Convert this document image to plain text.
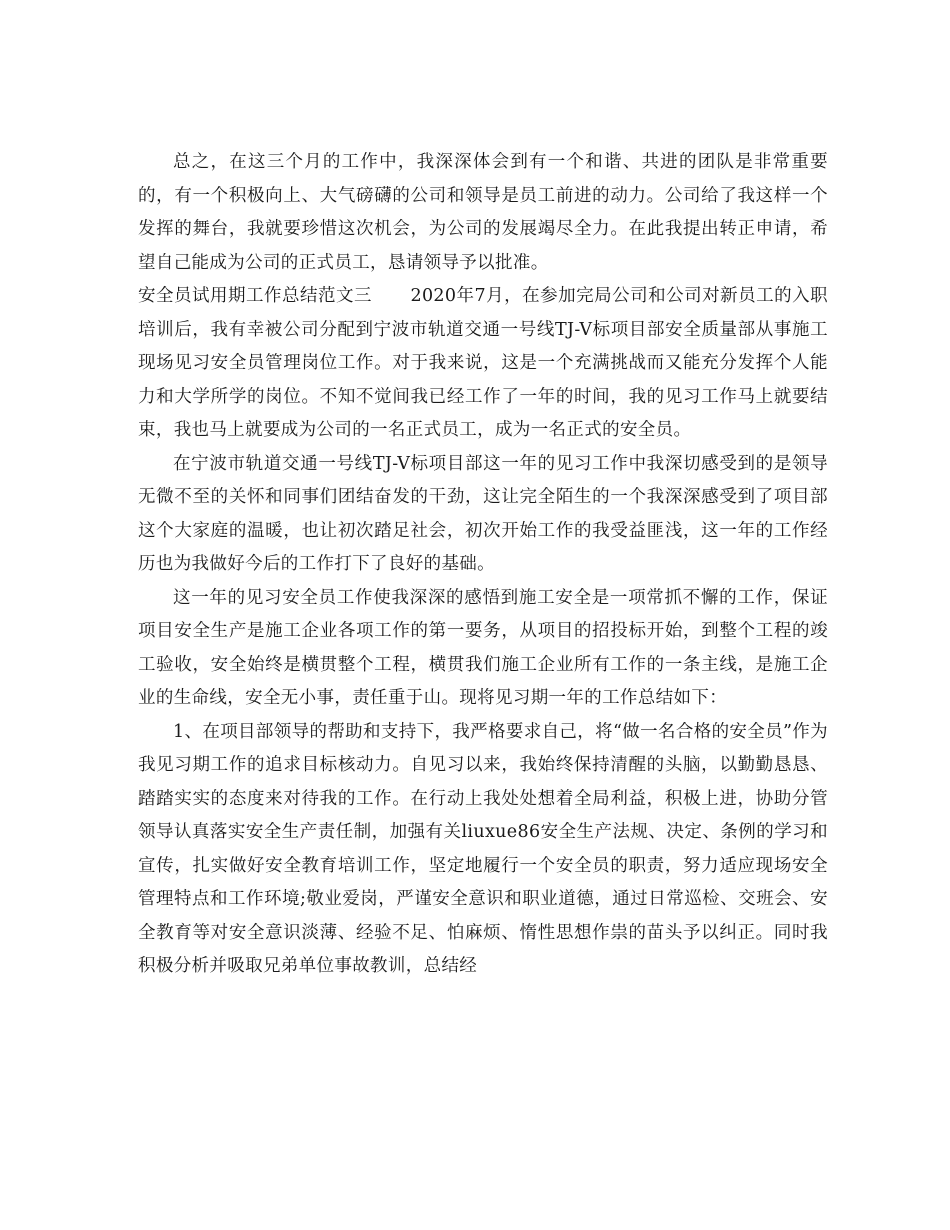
总之，在这三个月的工作中，我深深体会到有一个和谐、共进的团队是非常重要的，有一个积极向上、大气磅礴的公司和领导是员工前进的动力。公司给了我这样一个发挥的舞台，我就要珍惜这次机会，为公司的发展竭尽全力。在此我提出转正申请，希望自己能成为公司的正式员工，恳请领导予以批准。

安全员试用期工作总结范文三 2020年7月，在参加完局公司和公司对新员工的入职培训后，我有幸被公司分配到宁波市轨道交通一号线TJ-V标项目部安全质量部从事施工现场见习安全员管理岗位工作。对于我来说，这是一个充满挑战而又能充分发挥个人能力和大学所学的岗位。不知不觉间我已经工作了一年的时间，我的见习工作马上就要结束，我也马上就要成为公司的一名正式员工，成为一名正式的安全员。

在宁波市轨道交通一号线TJ-V标项目部这一年的见习工作中我深切感受到的是领导无微不至的关怀和同事们团结奋发的干劲，这让完全陌生的一个我深深感受到了项目部这个大家庭的温暖，也让初次踏足社会，初次开始工作的我受益匪浅，这一年的工作经历也为我做好今后的工作打下了良好的基础。

这一年的见习安全员工作使我深深的感悟到施工安全是一项常抓不懈的工作，保证项目安全生产是施工企业各项工作的第一要务，从项目的招投标开始，到整个工程的竣工验收，安全始终是横贯整个工程，横贯我们施工企业所有工作的一条主线，是施工企业的生命线，安全无小事，责任重于山。现将见习期一年的工作总结如下：

1、在项目部领导的帮助和支持下，我严格要求自己，将“做一名合格的安全员”作为我见习期工作的追求目标核动力。自见习以来，我始终保持清醒的头脑，以勤勤恳恳、踏踏实实的态度来对待我的工作。在行动上我处处想着全局利益，积极上进，协助分管领导认真落实安全生产责任制，加强有关liuxue86安全生产法规、决定、条例的学习和宣传，扎实做好安全教育培训工作，坚定地履行一个安全员的职责，努力适应现场安全管理特点和工作环境;敬业爱岗，严谨安全意识和职业道德，通过日常巡检、交班会、安全教育等对安全意识淡薄、经验不足、怕麻烦、惰性思想作祟的苗头予以纠正。同时我积极分析并吸取兄弟单位事故教训，总结经
